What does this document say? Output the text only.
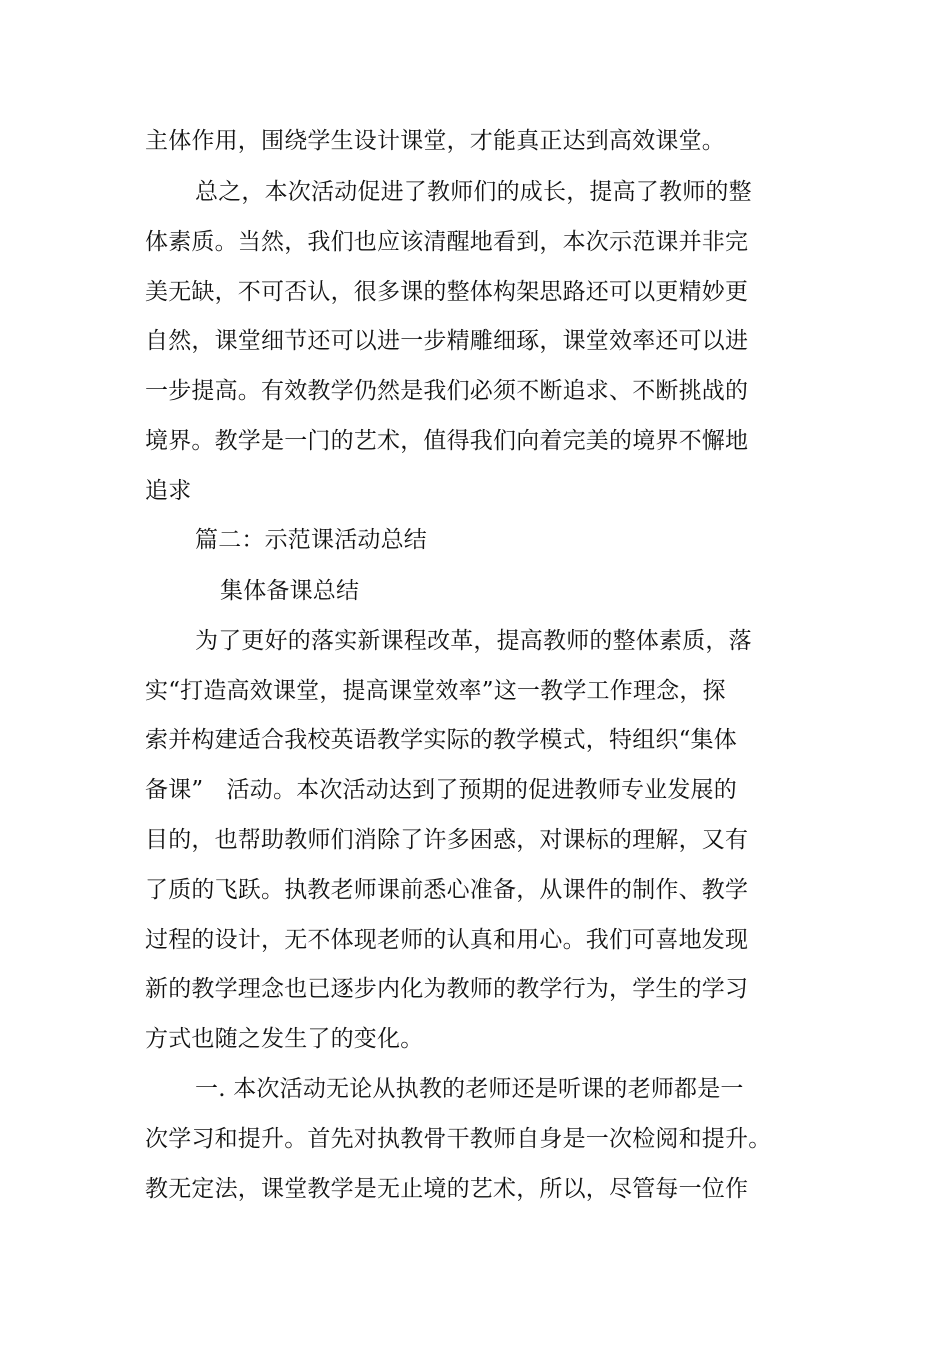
主体作用，围绕学生设计课堂，才能真正达到高效课堂。
总之，本次活动促进了教师们的成长，提高了教师的整
体素质。当然，我们也应该清醒地看到，本次示范课并非完
美无缺，不可否认，很多课的整体构架思路还可以更精妙更
自然，课堂细节还可以进一步精雕细琢，课堂效率还可以进
一步提高。有效教学仍然是我们必须不断追求、不断挑战的
境界。教学是一门的艺术，值得我们向着完美的境界不懈地
追求
篇二：示范课活动总结
集体备课总结
为了更好的落实新课程改革，提高教师的整体素质，落
实“打造高效课堂，提高课堂效率”这一教学工作理念，探
索并构建适合我校英语教学实际的教学模式，特组织“集体
备课”　活动。本次活动达到了预期的促进教师专业发展的
目的，也帮助教师们消除了许多困惑，对课标的理解，又有
了质的飞跃。执教老师课前悉心准备，从课件的制作、教学
过程的设计，无不体现老师的认真和用心。我们可喜地发现
新的教学理念也已逐步内化为教师的教学行为，学生的学习
方式也随之发生了的变化。
一. 本次活动无论从执教的老师还是听课的老师都是一
次学习和提升。首先对执教骨干教师自身是一次检阅和提升。
教无定法，课堂教学是无止境的艺术，所以，尽管每一位作
